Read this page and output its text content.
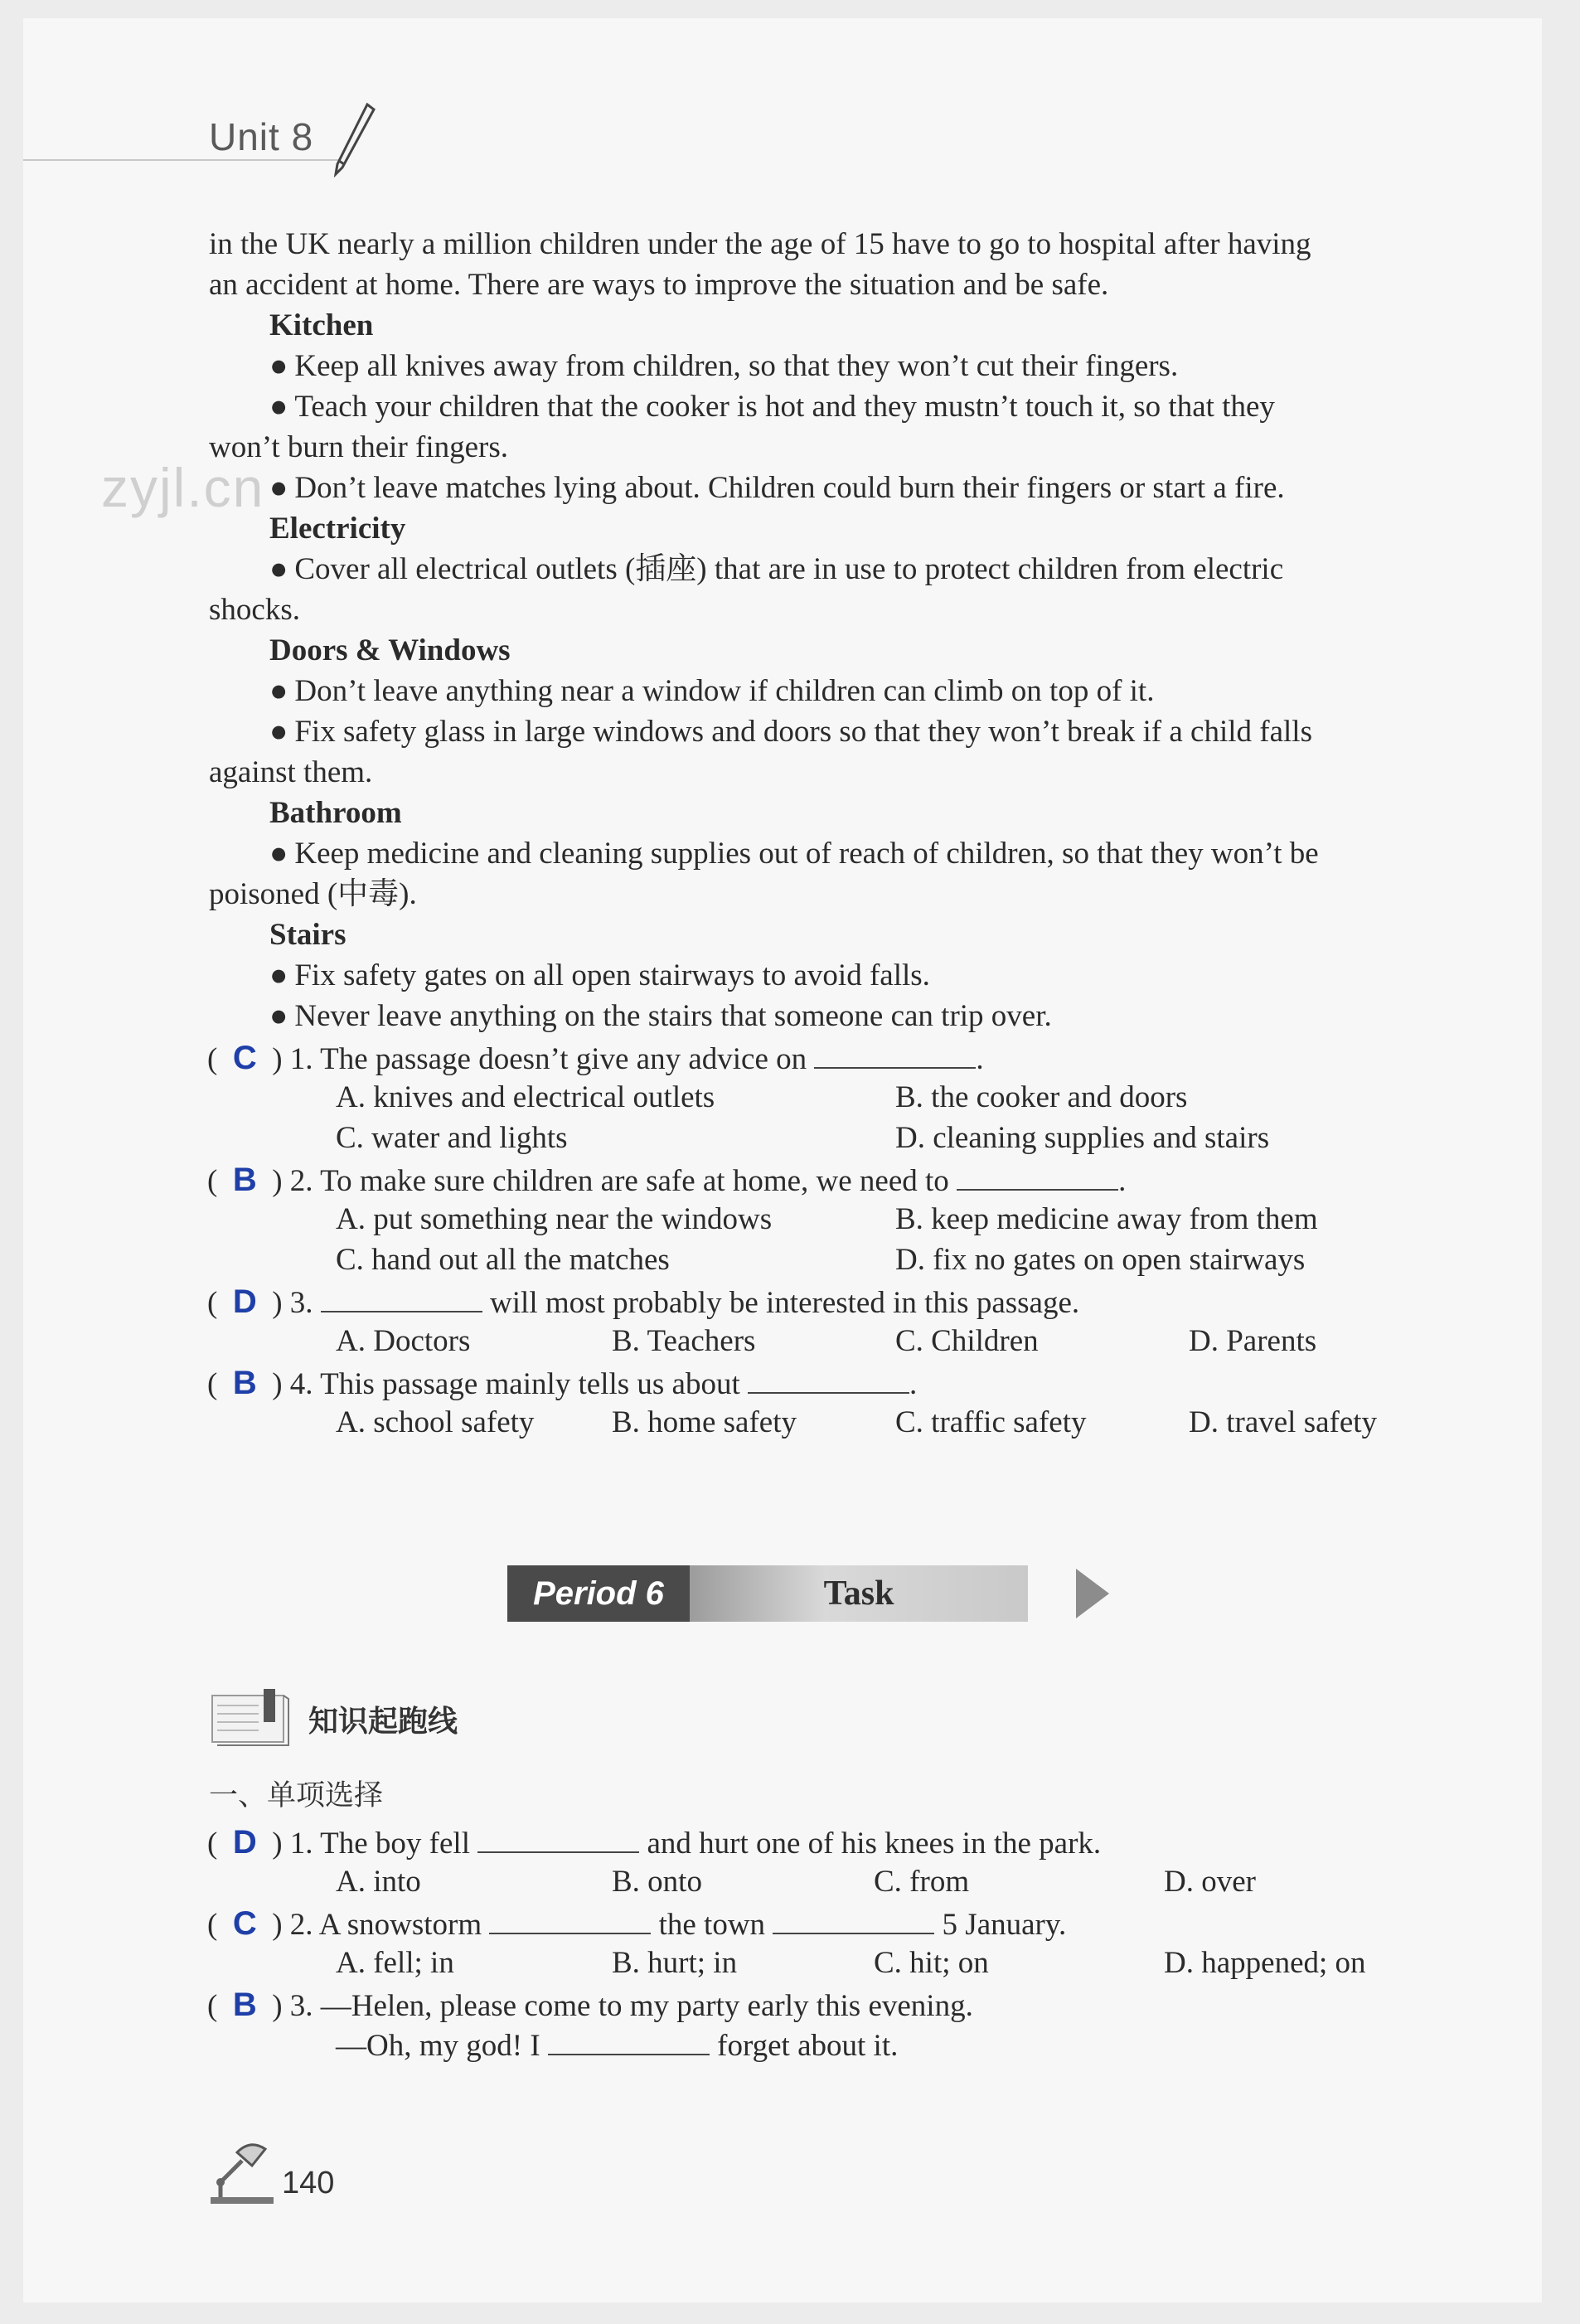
Unit 8
zyjl.cn
in the UK nearly a million children under the age of 15 have to go to hospital after having
an accident at home. There are ways to improve the situation and be safe.
Kitchen
● Keep all knives away from children, so that they won’t cut their fingers.
● Teach your children that the cooker is hot and they mustn’t touch it, so that they
won’t burn their fingers.
● Don’t leave matches lying about. Children could burn their fingers or start a fire.
Electricity
● Cover all electrical outlets (插座) that are in use to protect children from electric
shocks.
Doors & Windows
● Don’t leave anything near a window if children can climb on top of it.
● Fix safety glass in large windows and doors so that they won’t break if a child falls
against them.
Bathroom
● Keep medicine and cleaning supplies out of reach of children, so that they won’t be
poisoned (中毒).
Stairs
● Fix safety gates on all open stairways to avoid falls.
● Never leave anything on the stairs that someone can trip over.
(  C  ) 1. The passage doesn’t give any advice on	.
A. knives and electrical outlets	B. the cooker and doors
C. water and lights	D. cleaning supplies and stairs
(  B  ) 2. To make sure children are safe at home, we need to	.
A. put something near the windows	B. keep medicine away from them
C. hand out all the matches	D. fix no gates on open stairways
(  D  ) 3.	will most probably be interested in this passage.
A. Doctors	B. Teachers	C. Children	D. Parents
(  B  ) 4. This passage mainly tells us about	.
A. school safety	B. home safety	C. traffic safety	D. travel safety
Period 6	Task
知识起跑线
一、单项选择
(  D  ) 1. The boy fell	and hurt one of his knees in the park.
A. into	B. onto	C. from	D. over
(  C  ) 2. A snowstorm	the town	5 January.
A. fell; in	B. hurt; in	C. hit; on	D. happened; on
(  B  ) 3. —Helen, please come to my party early this evening.
—Oh, my god! I	forget about it.
140
